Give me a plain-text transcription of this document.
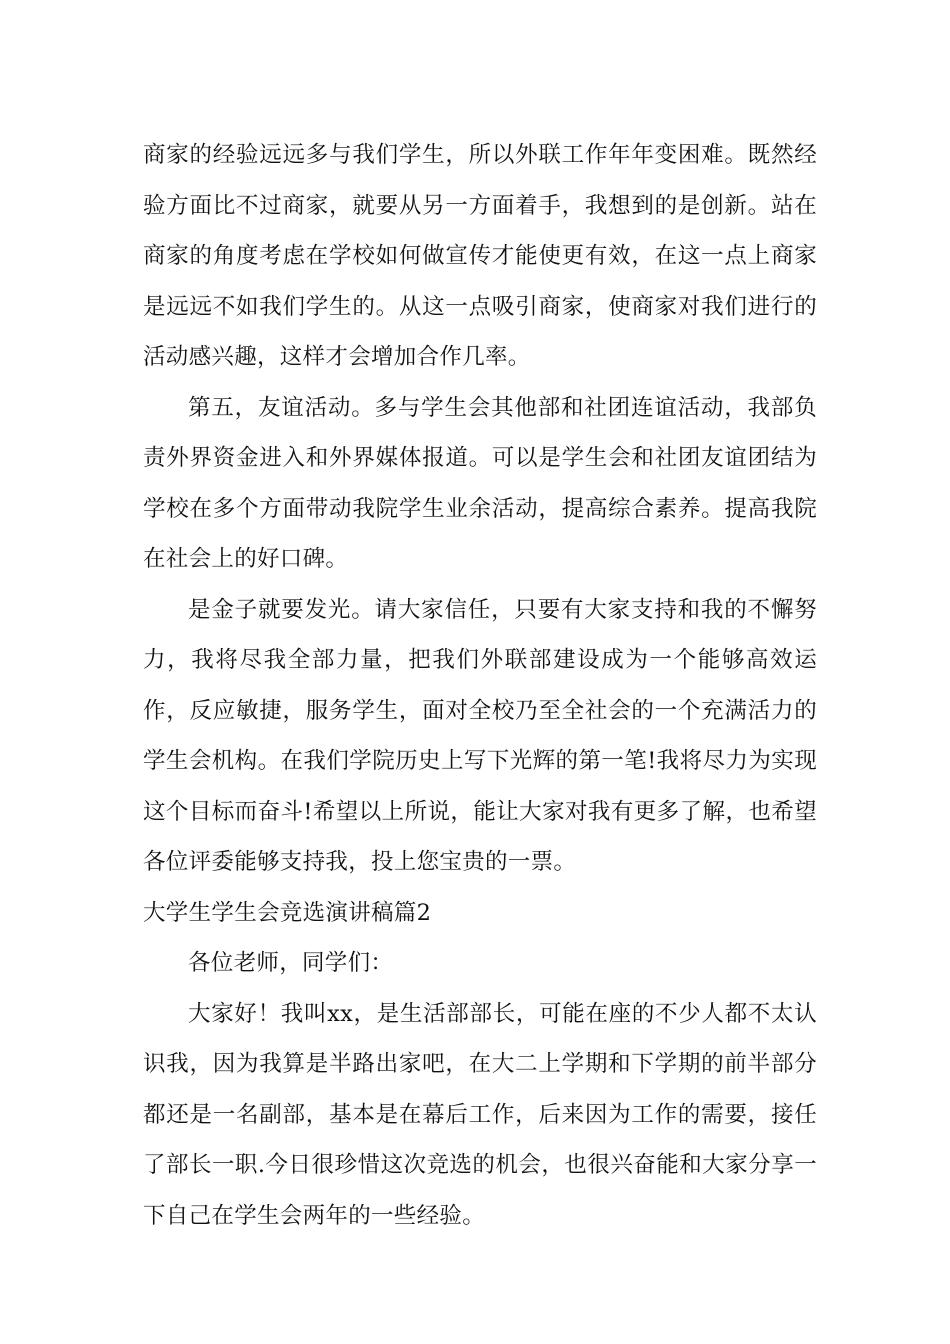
商家的经验远远多与我们学生，所以外联工作年年变困难。既然经验方面比不过商家，就要从另一方面着手，我想到的是创新。站在商家的角度考虑在学校如何做宣传才能使更有效，在这一点上商家是远远不如我们学生的。从这一点吸引商家，使商家对我们进行的活动感兴趣，这样才会增加合作几率。

第五，友谊活动。多与学生会其他部和社团连谊活动，我部负责外界资金进入和外界媒体报道。可以是学生会和社团友谊团结为学校在多个方面带动我院学生业余活动，提高综合素养。提高我院在社会上的好口碑。

是金子就要发光。请大家信任，只要有大家支持和我的不懈努力，我将尽我全部力量，把我们外联部建设成为一个能够高效运作，反应敏捷，服务学生，面对全校乃至全社会的一个充满活力的学生会机构。在我们学院历史上写下光辉的第一笔!我将尽力为实现这个目标而奋斗!希望以上所说，能让大家对我有更多了解，也希望各位评委能够支持我，投上您宝贵的一票。

大学生学生会竞选演讲稿篇2

各位老师，同学们：

大家好！我叫xx，是生活部部长，可能在座的不少人都不太认识我，因为我算是半路出家吧，在大二上学期和下学期的前半部分都还是一名副部，基本是在幕后工作，后来因为工作的需要，接任了部长一职.今日很珍惜这次竞选的机会，也很兴奋能和大家分享一下自己在学生会两年的一些经验。
